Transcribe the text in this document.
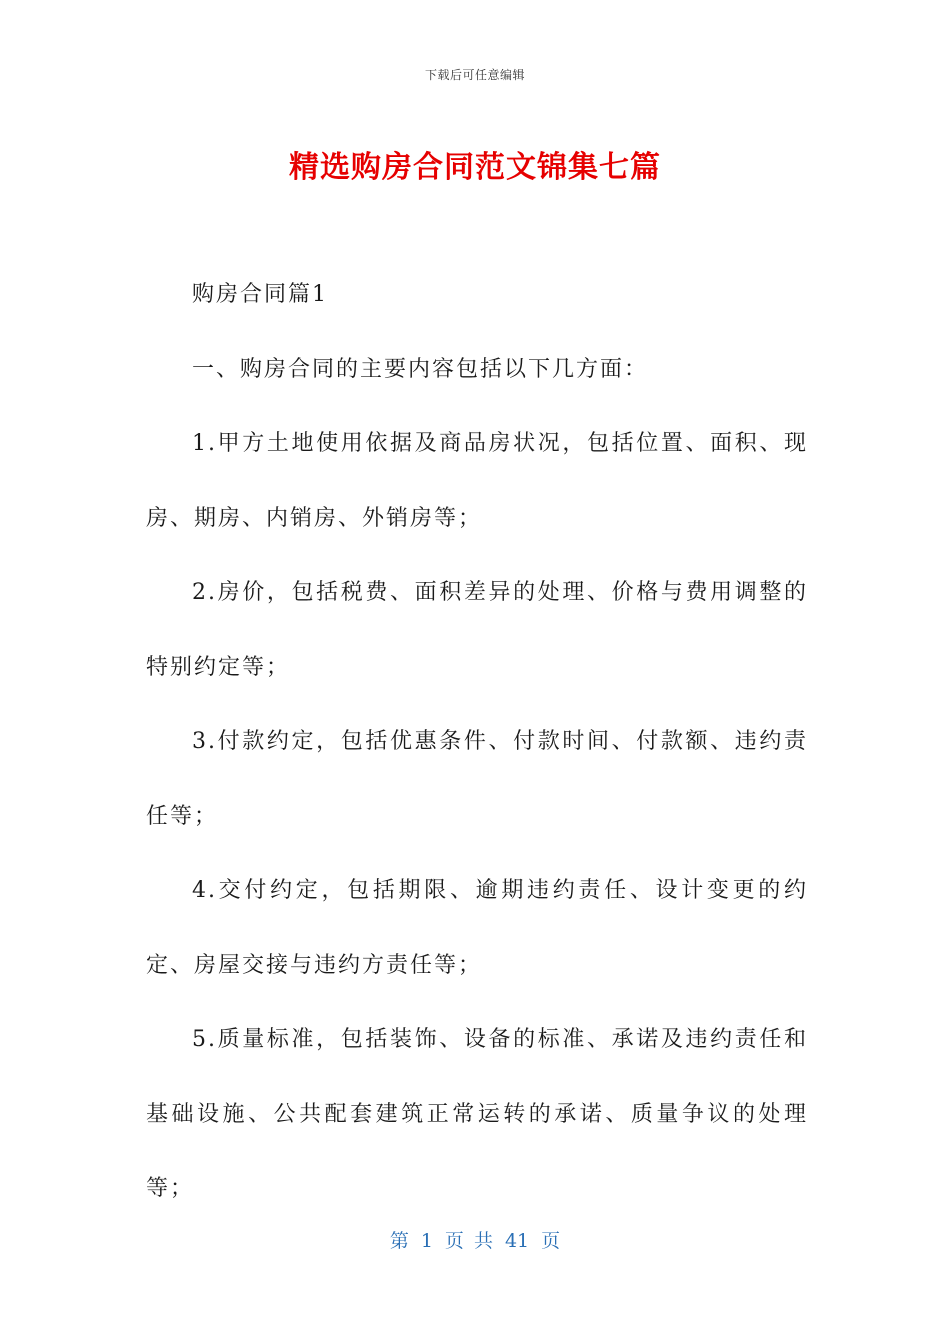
下载后可任意编辑
精选购房合同范文锦集七篇

购房合同篇1

一、购房合同的主要内容包括以下几方面：

1.甲方土地使用依据及商品房状况，包括位置、面积、现房、期房、内销房、外销房等；

2.房价，包括税费、面积差异的处理、价格与费用调整的特别约定等；

3.付款约定，包括优惠条件、付款时间、付款额、违约责任等；

4.交付约定，包括期限、逾期违约责任、设计变更的约定、房屋交接与违约方责任等；

5.质量标准，包括装饰、设备的标准、承诺及违约责任和基础设施、公共配套建筑正常运转的承诺、质量争议的处理等；

第 1 页 共 41 页
